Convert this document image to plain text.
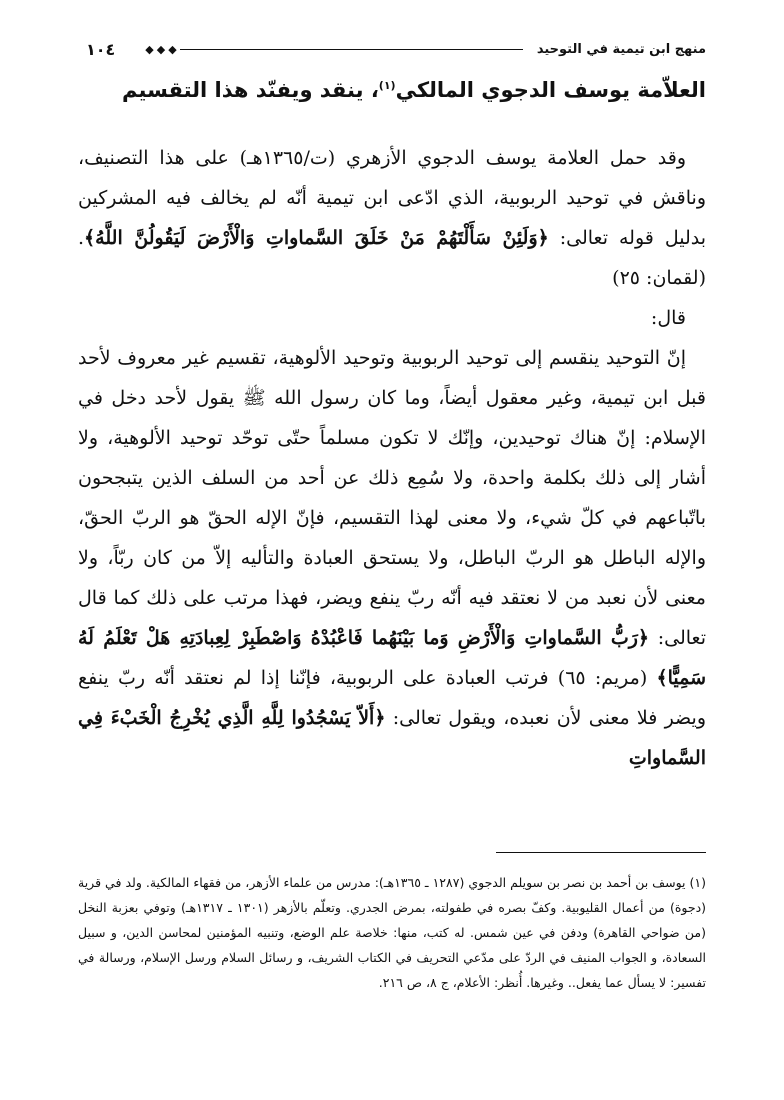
منهج ابن تيمية في التوحيد
◆◆◆
١٠٤
العلاّمة يوسف الدجوي المالكي$^{(١)}$، ينقد ويفنّد هذا التقسيم

وقد حمل العلامة يوسف الدجوي الأزهري (ت/١٣٦٥هـ) على هذا التصنيف، وناقش في توحيد الربوبية، الذي ادّعى ابن تيمية أنّه لم يخالف فيه المشركين بدليل قوله تعالى: ﴿وَلَئِنْ سَأَلْتَهُمْ مَنْ خَلَقَ السَّماواتِ وَالْأَرْضَ لَيَقُولُنَّ اللَّهُ﴾. (لقمان: ٢٥)

قال:

إنّ التوحيد ينقسم إلى توحيد الربوبية وتوحيد الألوهية، تقسيم غير معروف لأحد قبل ابن تيمية، وغير معقول أيضاً، وما كان رسول الله ﷺ يقول لأحد دخل في الإسلام: إنّ هناك توحيدين، وإنّك لا تكون مسلماً حتّى توحّد توحيد الألوهية، ولا أشار إلى ذلك بكلمة واحدة، ولا سُمِع ذلك عن أحد من السلف الذين يتبجحون باتّباعهم في كلّ شيء، ولا معنى لهذا التقسيم، فإنّ الإله الحقّ هو الربّ الحقّ، والإله الباطل هو الربّ الباطل، ولا يستحق العبادة والتأليه إلاّ من كان ربّاً، ولا معنى لأن نعبد من لا نعتقد فيه أنّه ربّ ينفع ويضر، فهذا مرتب على ذلك كما قال تعالى: ﴿رَبُّ السَّماواتِ وَالْأَرْضِ وَما بَيْنَهُما فَاعْبُدْهُ وَاصْطَبِرْ لِعِبادَتِهِ هَلْ تَعْلَمُ لَهُ سَمِيًّا﴾ (مريم: ٦٥) فرتب العبادة على الربوبية، فإنّنا إذا لم نعتقد أنّه ربّ ينفع ويضر فلا معنى لأن نعبده، ويقول تعالى: ﴿أَلاّ يَسْجُدُوا لِلَّهِ الَّذِي يُخْرِجُ الْخَبْءَ فِي السَّماواتِ

(١) يوسف بن أحمد بن نصر بن سويلم الدجوي (١٢٨٧ ـ ١٣٦٥هـ): مدرس من علماء الأزهر، من فقهاء المالكية. ولد في قرية (دجوة) من أعمال القليوبية. وكفّ بصره في طفولته، بمرض الجدري. وتعلّم بالأزهر (١٣٠١ ـ ١٣١٧هـ) وتوفي بعزبة النخل (من ضواحي القاهرة) ودفن في عين شمس. له كتب، منها: خلاصة علم الوضع، وتنبيه المؤمنين لمحاسن الدين، و سبيل السعادة، و الجواب المنيف في الردّ على مدّعي التحريف في الكتاب الشريف، و رسائل السلام ورسل الإسلام، ورسالة في تفسير: لا يسأل عما يفعل.. وغيرها. أُنظر: الأعلام، ج ٨، ص ٢١٦.
